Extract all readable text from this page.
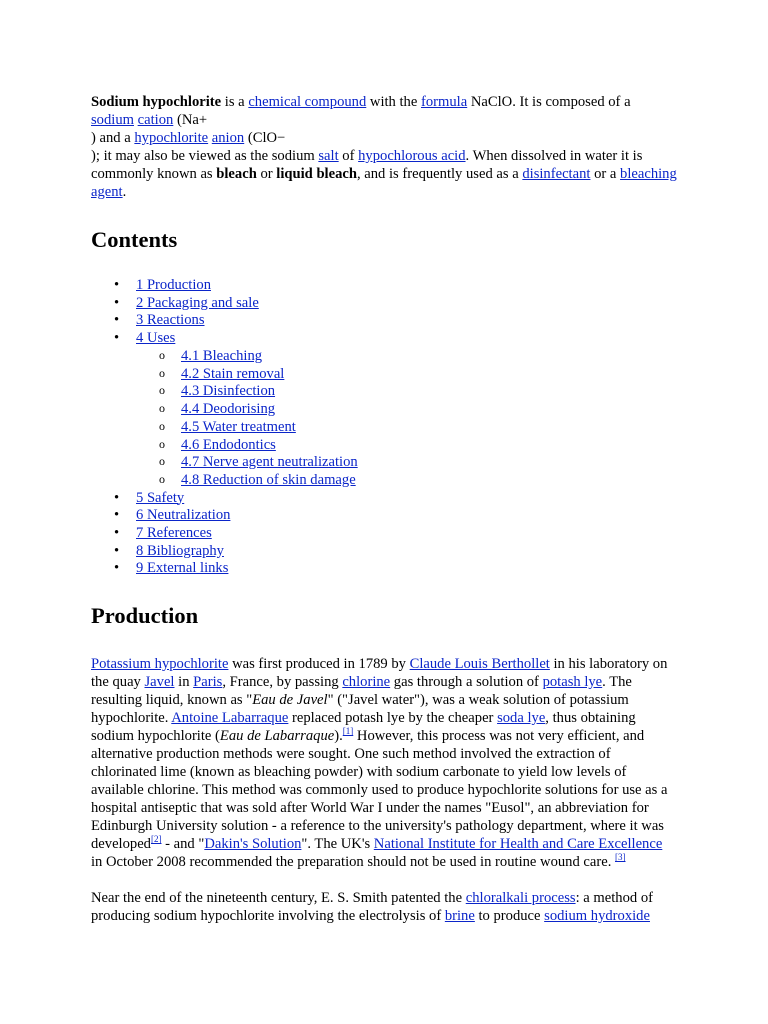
Sodium hypochlorite is a chemical compound with the formula NaClO. It is composed of a
sodium cation (Na+
) and a hypochlorite anion (ClO−
); it may also be viewed as the sodium salt of hypochlorous acid. When dissolved in water it is commonly known as bleach or liquid bleach, and is frequently used as a disinfectant or a bleaching agent.

Contents
• 1 Production
• 2 Packaging and sale
• 3 Reactions
• 4 Uses
o 4.1 Bleaching
o 4.2 Stain removal
o 4.3 Disinfection
o 4.4 Deodorising
o 4.5 Water treatment
o 4.6 Endodontics
o 4.7 Nerve agent neutralization
o 4.8 Reduction of skin damage
• 5 Safety
• 6 Neutralization
• 7 References
• 8 Bibliography
• 9 External links
Production

Potassium hypochlorite was first produced in 1789 by Claude Louis Berthollet in his laboratory on the quay Javel in Paris, France, by passing chlorine gas through a solution of potash lye. The resulting liquid, known as "Eau de Javel" ("Javel water"), was a weak solution of potassium hypochlorite. Antoine Labarraque replaced potash lye by the cheaper soda lye, thus obtaining sodium hypochlorite (Eau de Labarraque).[1] However, this process was not very efficient, and alternative production methods were sought. One such method involved the extraction of chlorinated lime (known as bleaching powder) with sodium carbonate to yield low levels of available chlorine. This method was commonly used to produce hypochlorite solutions for use as a hospital antiseptic that was sold after World War I under the names "Eusol", an abbreviation for Edinburgh University solution - a reference to the university's pathology department, where it was developed[2] - and "Dakin's Solution". The UK's National Institute for Health and Care Excellence in October 2008 recommended the preparation should not be used in routine wound care. [3]

Near the end of the nineteenth century, E. S. Smith patented the chloralkali process: a method of producing sodium hypochlorite involving the electrolysis of brine to produce sodium hydroxide
